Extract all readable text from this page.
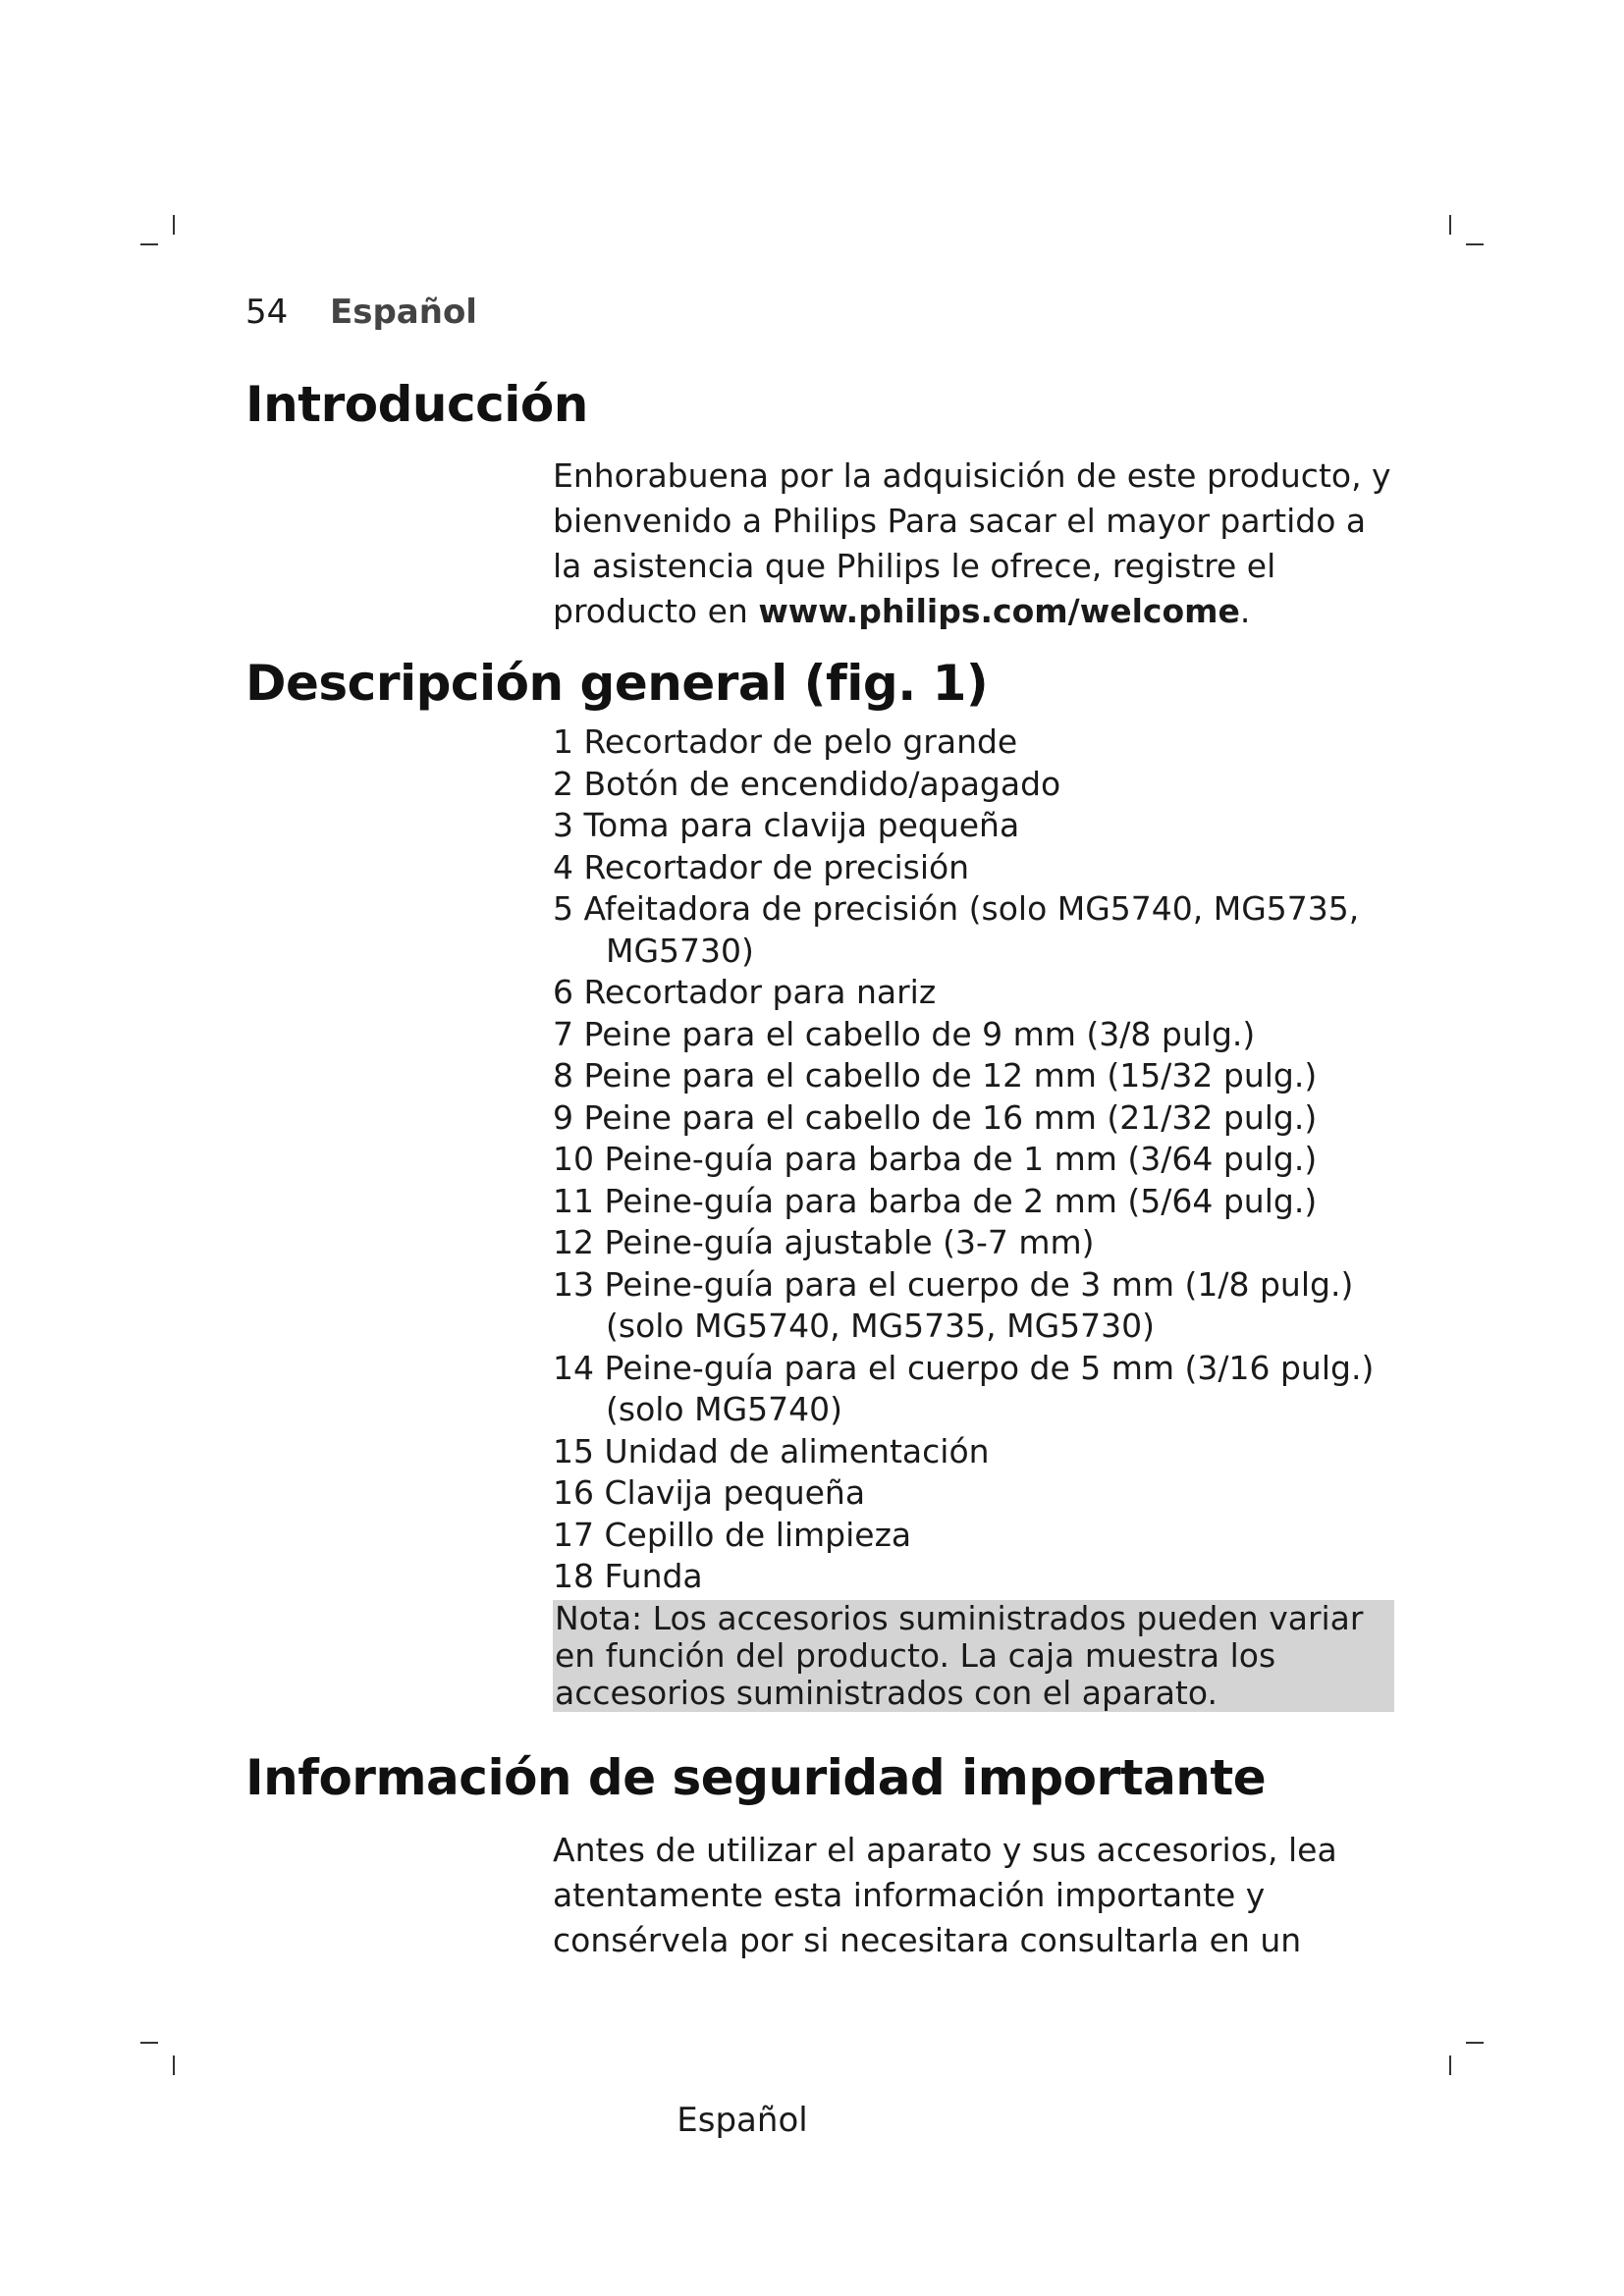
54 Español
Introducción

Enhorabuena por la adquisición de este producto, y bienvenido a Philips Para sacar el mayor partido a la asistencia que Philips le ofrece, registre el producto en www.philips.com/welcome.

Descripción general (fig. 1)
1 Recortador de pelo grande
2 Botón de encendido/apagado
3 Toma para clavija pequeña
4 Recortador de precisión
5 Afeitadora de precisión (solo MG5740, MG5735,
MG5730)
6 Recortador para nariz
7 Peine para el cabello de 9 mm (3/8 pulg.)
8 Peine para el cabello de 12 mm (15/32 pulg.)
9 Peine para el cabello de 16 mm (21/32 pulg.)
10 Peine-guía para barba de 1 mm (3/64 pulg.)
11 Peine-guía para barba de 2 mm (5/64 pulg.)
12 Peine-guía ajustable (3-7 mm)
13 Peine-guía para el cuerpo de 3 mm (1/8 pulg.)
(solo MG5740, MG5735, MG5730)
14 Peine-guía para el cuerpo de 5 mm (3/16 pulg.)
(solo MG5740)
15 Unidad de alimentación
16 Clavija pequeña
17 Cepillo de limpieza
18 Funda
Nota: Los accesorios suministrados pueden variar en función del producto. La caja muestra los accesorios suministrados con el aparato.
Información de seguridad importante

Antes de utilizar el aparato y sus accesorios, lea atentamente esta información importante y consérvela por si necesitara consultarla en un

Español
